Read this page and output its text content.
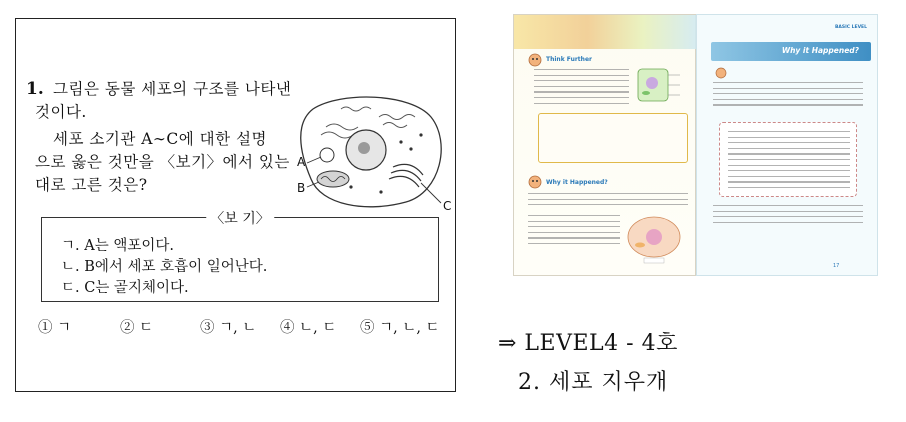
1. 그림은 동물 세포의 구조를 나타낸
것이다.
세포 소기관 A∼C에 대한 설명
으로 옳은 것만을 〈보기〉에서 있는
대로 고른 것은?
A
B
C
〈보 기〉
ㄱ. A는 액포이다.
ㄴ. B에서 세포 호흡이 일어난다.
ㄷ. C는 골지체이다.
① ㄱ	② ㄷ	③ ㄱ, ㄴ ④ ㄴ, ㄷ ⑤ ㄱ, ㄴ, ㄷ
Think Further
Why it Happened?
BASIC LEVEL
Why it Happened?
17
⇒ LEVEL4 - 4호
2. 세포 지우개
